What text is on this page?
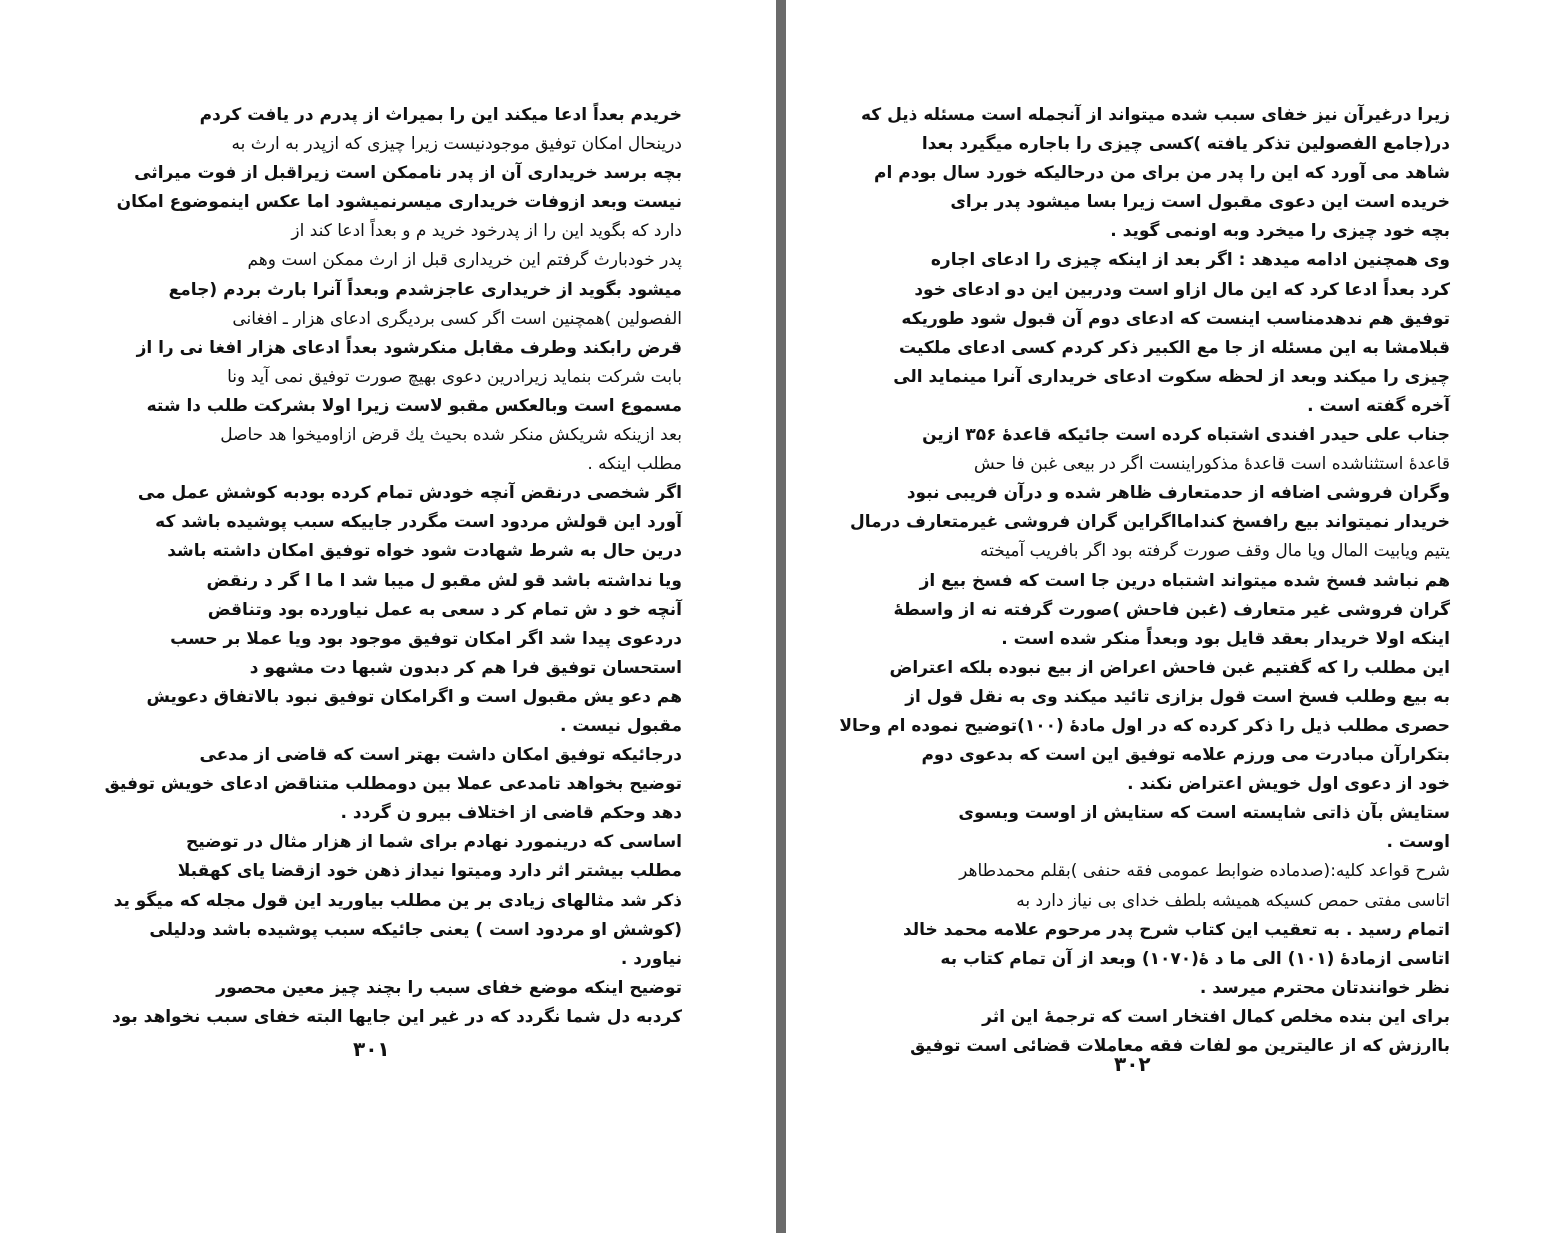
خریدم بعداً ادعا میکند این را بمیراث از پدرم در یافت کردم
درینحال امکان توفیق موجودنیست زیرا چیزی که ازپدر به ارث به
بچه برسد خریداری آن از پدر ناممکن است زیراقبل از فوت میراثی
نیست وبعد ازوفات خریداری میسرنمیشود اما عکس اینموضوع امکان
دارد که بگوید این را از پدرخود خرید م و بعداً ادعا کند از
پدر خودبارث گرفتم این خریداری قبل از ارث ممکن است وهم
میشود بگوید از خریداری عاجزشدم وبعداً آنرا بارث بردم (جامع
الفصولین )همچنین است اگر کسی بردیگری ادعای هزار ـ افغانی
قرض رابکند وطرف مقابل منکرشود بعداً ادعای هزار افغا نی را از
بابت شرکت بنماید زیرادرین دعوی بهیچ صورت توفیق نمی آید ونا
مسموع است وبالعکس مقبو لاست زیرا اولا بشرکت طلب دا شته
بعد ازینکه شریکش منکر شده بحیث یك قرض ازاومیخوا هد حاصل
مطلب اینکه .
اگر شخصی درنقض آنچه خودش تمام کرده بودبه کوشش عمل می
آورد این قولش مردود است مگردر جاییکه سبب پوشیده باشد که
درین حال به شرط شهادت شود خواه توفیق امکان داشته باشد
ویا نداشته باشد قو لش مقبو ل میبا شد ا ما ا گر د رنقض
آنچه خو د ش تمام کر د سعی به عمل نیاورده بود وتناقض
دردعوی پیدا شد اگر امکان توفیق موجود بود ویا عملا بر حسب
استحسان توفیق فرا هم کر دبدون شبها دت مشهو د
هم دعو یش مقبول است و اگرامکان توفیق نبود بالاتفاق دعویش
مقبول نیست .
درجائیکه توفیق امکان داشت بهتر است که قاضی از مدعی
توضیح بخواهد تامدعی عملا بین دومطلب متناقض ادعای خویش توفیق
دهد وحکم قاضی از اختلاف بیرو ن گردد .
اساسی که درینمورد نهادم برای شما از هزار مثال در توضیح
مطلب بیشتر اثر دارد ومیتوا نیداز ذهن خود ازقضا یای کهقبلا
ذکر شد مثالهای زیادی بر ین مطلب بیاورید این قول مجله که میگو ید
(کوشش او مردود است ) یعنی جائیکه سبب پوشیده باشد ودلیلی
نیاورد .
توضیح اینکه موضع خفای سبب را بچند چیز معین محصور
کردبه دل شما نگردد که در غیر این جایها البته خفای سبب نخواهد بود
۳۰۱
زیرا درغیرآن نیز خفای سبب شده میتواند از آنجمله است مسئله ذیل که
در(جامع الفصولین تذکر یافته )کسی چیزی را باجاره میگیرد بعدا
شاهد می آورد که این را پدر من برای من درحالیکه خورد سال بودم ام
خریده است این دعوی مقبول است زیرا بسا میشود پدر برای
بچه خود چیزی را میخرد وبه اونمی گوید .
وی همچنین ادامه میدهد : اگر بعد از اینکه چیزی را ادعای اجاره
کرد بعداً ادعا کرد که این مال ازاو است ودربین این دو ادعای خود
توفیق هم ندهدمناسب اینست که ادعای دوم آن قبول شود طوریکه
قبلامشا به این مسئله از جا مع الکبیر ذکر کردم کسی ادعای ملکیت
چیزی را میکند وبعد از لحظه سکوت ادعای خریداری آنرا مینماید الی
آخره گفته است .
جناب علی حیدر افندی اشتباه کرده است جائیکه قاعدۀ ۳۵۶ ازین
قاعدۀ استثناشده است قاعدۀ مذکوراینست اگر در بیعی غبن فا حش
وگران فروشی اضافه از حدمتعارف ظاهر شده و درآن فریبی نبود
خریدار نمیتواند بیع رافسخ کندامااگراین گران فروشی غیرمتعارف درمال
یتیم ویابیت المال ویا مال وقف صورت گرفته بود اگر بافریب آمیخته
هم نباشد فسخ شده میتواند اشتباه درین جا است که فسخ بیع از
گران فروشی غیر متعارف (غبن فاحش )صورت گرفته نه از واسطهٔ
اینکه اولا خریدار بعقد قایل بود وبعداً منکر شده است .
این مطلب را که گفتیم غبن فاحش اعراض از بیع نبوده بلکه اعتراض
به بیع وطلب فسخ است قول بزازی تائید میکند وی به نقل قول از
حصری مطلب ذیل را ذکر کرده که در اول مادۀ (۱۰۰)توضیح نموده ام وحالا
بتکرارآن مبادرت می ورزم علامه توفیق این است که بدعوی دوم
خود از دعوی اول خویش اعتراض نکند .
ستایش بآن ذاتی شایسته است که ستایش از اوست وبسوی
اوست .
شرح قواعد کلیه:(صدماده ضوابط عمومی فقه حنفی )بقلم محمدطاهر
اتاسی مفتی حمص کسیکه همیشه بلطف خدای بی نیاز دارد به
اتمام رسید . به تعقیب این کتاب شرح پدر مرحوم علامه محمد خالد
اتاسی ازمادۀ (۱۰۱) الی ما د ۀ(۱۰۷۰) وبعد از آن تمام کتاب به
نظر خوانندتان محترم میرسد .
برای این بنده مخلص کمال افتخار است که ترجمۀ این اثر
باارزش که از عالیترین مو لفات فقه معاملات قضائی است توفیق
۳۰۲
